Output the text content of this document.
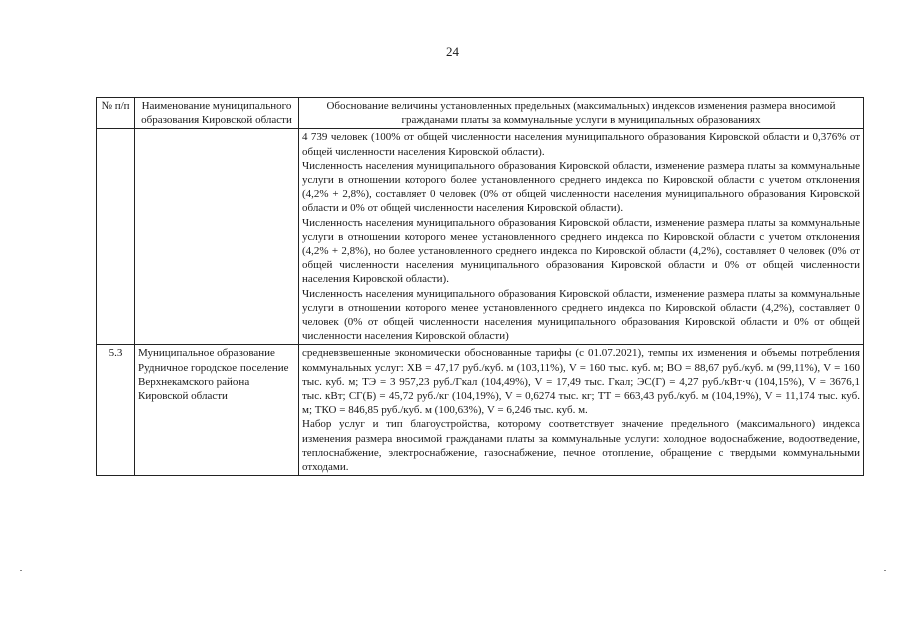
24
№ п/п	Наименование муниципального образования Кировской области	Обоснование величины установленных предельных (максимальных) индексов изменения размера вносимой гражданами платы за коммунальные услуги в муниципальных образованиях

		4 739 человек (100% от общей численности населения муниципального образования Кировской области и 0,376% от общей численности населения Кировской области).

Численность населения муниципального образования Кировской области, изменение размера платы за коммунальные услуги в отношении которого более установленного среднего индекса по Кировской области с учетом отклонения (4,2% + 2,8%), составляет 0 человек (0% от общей численности населения муниципального образования Кировской области и 0% от общей численности населения Кировской области).

Численность населения муниципального образования Кировской области, изменение размера платы за коммунальные услуги в отношении которого менее установленного среднего индекса по Кировской области с учетом отклонения (4,2% + 2,8%), но более установленного среднего индекса по Кировской области (4,2%), составляет 0 человек (0% от общей численности населения муниципального образования Кировской области и 0% от общей численности населения Кировской области).

Численность населения муниципального образования Кировской области, изменение размера платы за коммунальные услуги в отношении которого менее установленного среднего индекса по Кировской области (4,2%), составляет 0 человек (0% от общей численности населения муниципального образования Кировской области и 0% от общей численности населения Кировской области)

5.3	Муниципальное образование Рудничное городское поселение Верхнекамского района Кировской области	средневзвешенные экономически обоснованные тарифы (с 01.07.2021), темпы их изменения и объемы потребления коммунальных услуг: ХВ = 47,17 руб./куб. м (103,11%), V = 160 тыс. куб. м; ВО = 88,67 руб./куб. м (99,11%), V = 160 тыс. куб. м; ТЭ = 3 957,23 руб./Гкал (104,49%), V = 17,49 тыс. Гкал; ЭС(Г) = 4,27 руб./кВт·ч (104,15%), V = 3676,1 тыс. кВт; СГ(Б) = 45,72 руб./кг (104,19%), V = 0,6274 тыс. кг; ТТ = 663,43 руб./куб. м (104,19%), V = 11,174 тыс. куб. м; ТКО = 846,85 руб./куб. м (100,63%), V = 6,246 тыс. куб. м.

Набор услуг и тип благоустройства, которому соответствует значение предельного (максимального) индекса изменения размера вносимой гражданами платы за коммунальные услуги: холодное водоснабжение, водоотведение, теплоснабжение, электроснабжение, газоснабжение, печное отопление, обращение с твердыми коммунальными отходами.
